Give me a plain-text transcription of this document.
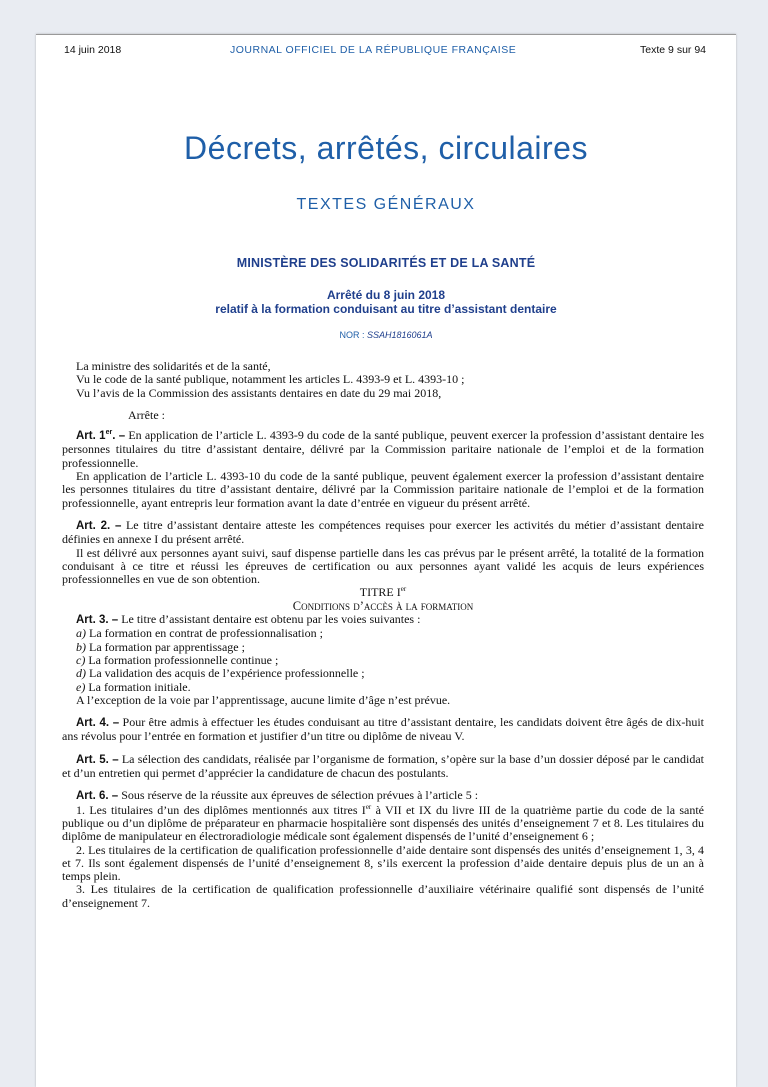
14 juin 2018	JOURNAL OFFICIEL DE LA RÉPUBLIQUE FRANÇAISE	Texte 9 sur 94
Décrets, arrêtés, circulaires
TEXTES GÉNÉRAUX
MINISTÈRE DES SOLIDARITÉS ET DE LA SANTÉ
Arrêté du 8 juin 2018
relatif à la formation conduisant au titre d’assistant dentaire
NOR : SSAH1816061A

La ministre des solidarités et de la santé,

Vu le code de la santé publique, notamment les articles L. 4393-9 et L. 4393-10 ;

Vu l’avis de la Commission des assistants dentaires en date du 29 mai 2018,

Arrête :

Art. 1er. – En application de l’article L. 4393-9 du code de la santé publique, peuvent exercer la profession d’assistant dentaire les personnes titulaires du titre d’assistant dentaire, délivré par la Commission paritaire nationale de l’emploi et de la formation professionnelle.

En application de l’article L. 4393-10 du code de la santé publique, peuvent également exercer la profession d’assistant dentaire les personnes titulaires du titre d’assistant dentaire, délivré par la Commission paritaire nationale de l’emploi et de la formation professionnelle, ayant entrepris leur formation avant la date d’entrée en vigueur du présent arrêté.

Art. 2. – Le titre d’assistant dentaire atteste les compétences requises pour exercer les activités du métier d’assistant dentaire définies en annexe I du présent arrêté.

Il est délivré aux personnes ayant suivi, sauf dispense partielle dans les cas prévus par le présent arrêté, la totalité de la formation conduisant à ce titre et réussi les épreuves de certification ou aux personnes ayant validé les acquis de leurs expériences professionnelles en vue de son obtention.

TITRE Ier

Conditions d’accès à la formation

Art. 3. – Le titre d’assistant dentaire est obtenu par les voies suivantes :

a) La formation en contrat de professionnalisation ;

b) La formation par apprentissage ;

c) La formation professionnelle continue ;

d) La validation des acquis de l’expérience professionnelle ;

e) La formation initiale.

A l’exception de la voie par l’apprentissage, aucune limite d’âge n’est prévue.

Art. 4. – Pour être admis à effectuer les études conduisant au titre d’assistant dentaire, les candidats doivent être âgés de dix-huit ans révolus pour l’entrée en formation et justifier d’un titre ou diplôme de niveau V.

Art. 5. – La sélection des candidats, réalisée par l’organisme de formation, s’opère sur la base d’un dossier déposé par le candidat et d’un entretien qui permet d’apprécier la candidature de chacun des postulants.

Art. 6. – Sous réserve de la réussite aux épreuves de sélection prévues à l’article 5 :

1. Les titulaires d’un des diplômes mentionnés aux titres Ier à VII et IX du livre III de la quatrième partie du code de la santé publique ou d’un diplôme de préparateur en pharmacie hospitalière sont dispensés des unités d’enseignement 7 et 8. Les titulaires du diplôme de manipulateur en électroradiologie médicale sont également dispensés de l’unité d’enseignement 6 ;

2. Les titulaires de la certification de qualification professionnelle d’aide dentaire sont dispensés des unités d’enseignement 1, 3, 4 et 7. Ils sont également dispensés de l’unité d’enseignement 8, s’ils exercent la profession d’aide dentaire depuis plus de un an à temps plein.

3. Les titulaires de la certification de qualification professionnelle d’auxiliaire vétérinaire qualifié sont dispensés de l’unité d’enseignement 7.
